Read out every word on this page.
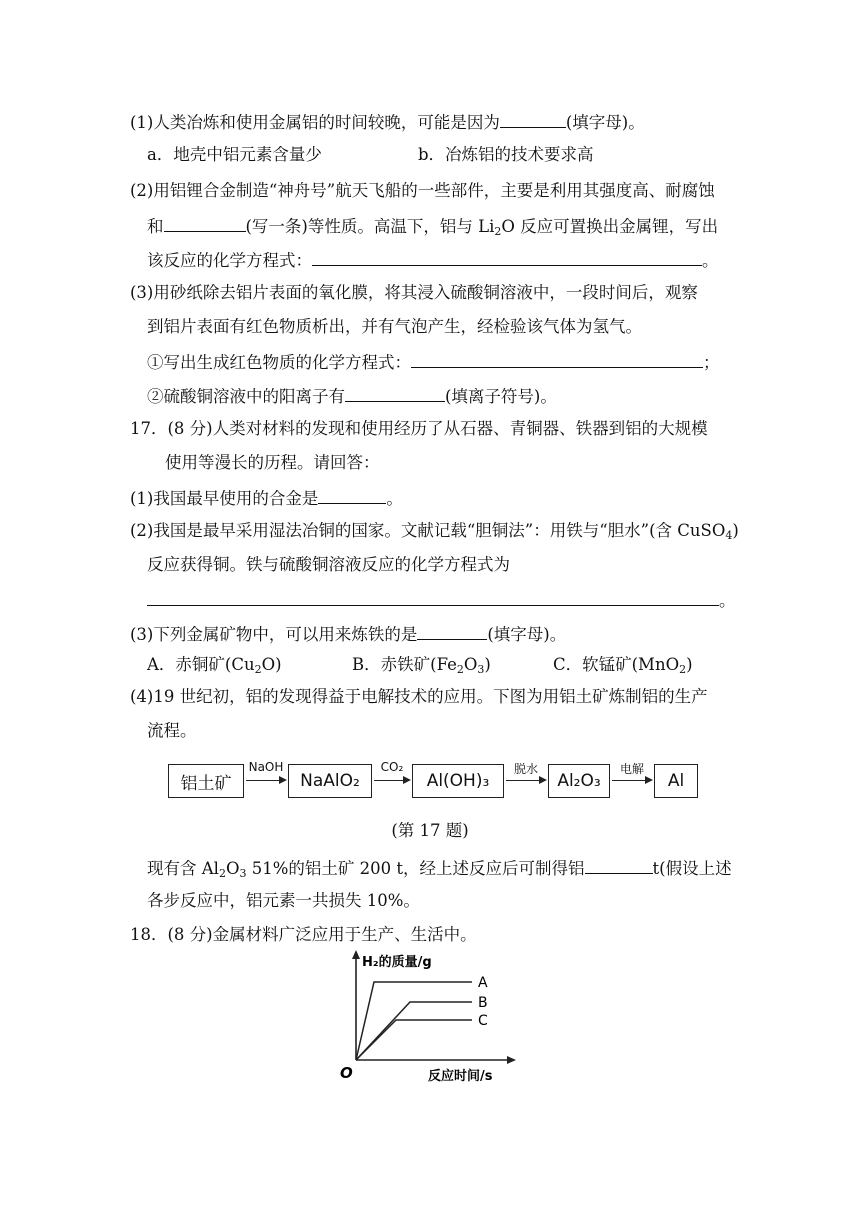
(1)人类冶炼和使用金属铝的时间较晚，可能是因为	(填字母)。
a．地壳中铝元素含量少	b．冶炼铝的技术要求高
(2)用铝锂合金制造“神舟号”航天飞船的一些部件，主要是利用其强度高、耐腐蚀
和	(写一条)等性质。高温下，铝与 $Li_2O$ 反应可置换出金属锂，写出
该反应的化学方程式：	。
(3)用砂纸除去铝片表面的氧化膜，将其浸入硫酸铜溶液中，一段时间后，观察
到铝片表面有红色物质析出，并有气泡产生，经检验该气体为氢气。
①写出生成红色物质的化学方程式：	；
②硫酸铜溶液中的阳离子有	(填离子符号)。
17．(8 分)人类对材料的发现和使用经历了从石器、青铜器、铁器到铝的大规模
使用等漫长的历程。请回答：
(1)我国最早使用的合金是	。
(2)我国是最早采用湿法冶铜的国家。文献记载“胆铜法”：用铁与“胆水”(含 CuSO$_4$)
反应获得铜。铁与硫酸铜溶液反应的化学方程式为
。
(3)下列金属矿物中，可以用来炼铁的是	(填字母)。
A．赤铜矿$(Cu_2O)$	B．赤铁矿$(Fe_2O_3)$	C．软锰矿(MnO$_2$)
(4)19 世纪初，铝的发现得益于电解技术的应用。下图为用铝土矿炼制铝的生产
流程。
铝土矿
NaOH
NaAlO₂
CO₂
Al(OH)₃
脱水
Al₂O₃
电解
Al
(第 17 题)
现有含 $Al_2O_3$ 51%的铝土矿 200 t，经上述反应后可制得铝	t(假设上述
各步反应中，铝元素一共损失 10%。
18．(8 分)金属材料广泛应用于生产、生活中。
A
B
C
H₂的质量/g
反应时间/s
O
